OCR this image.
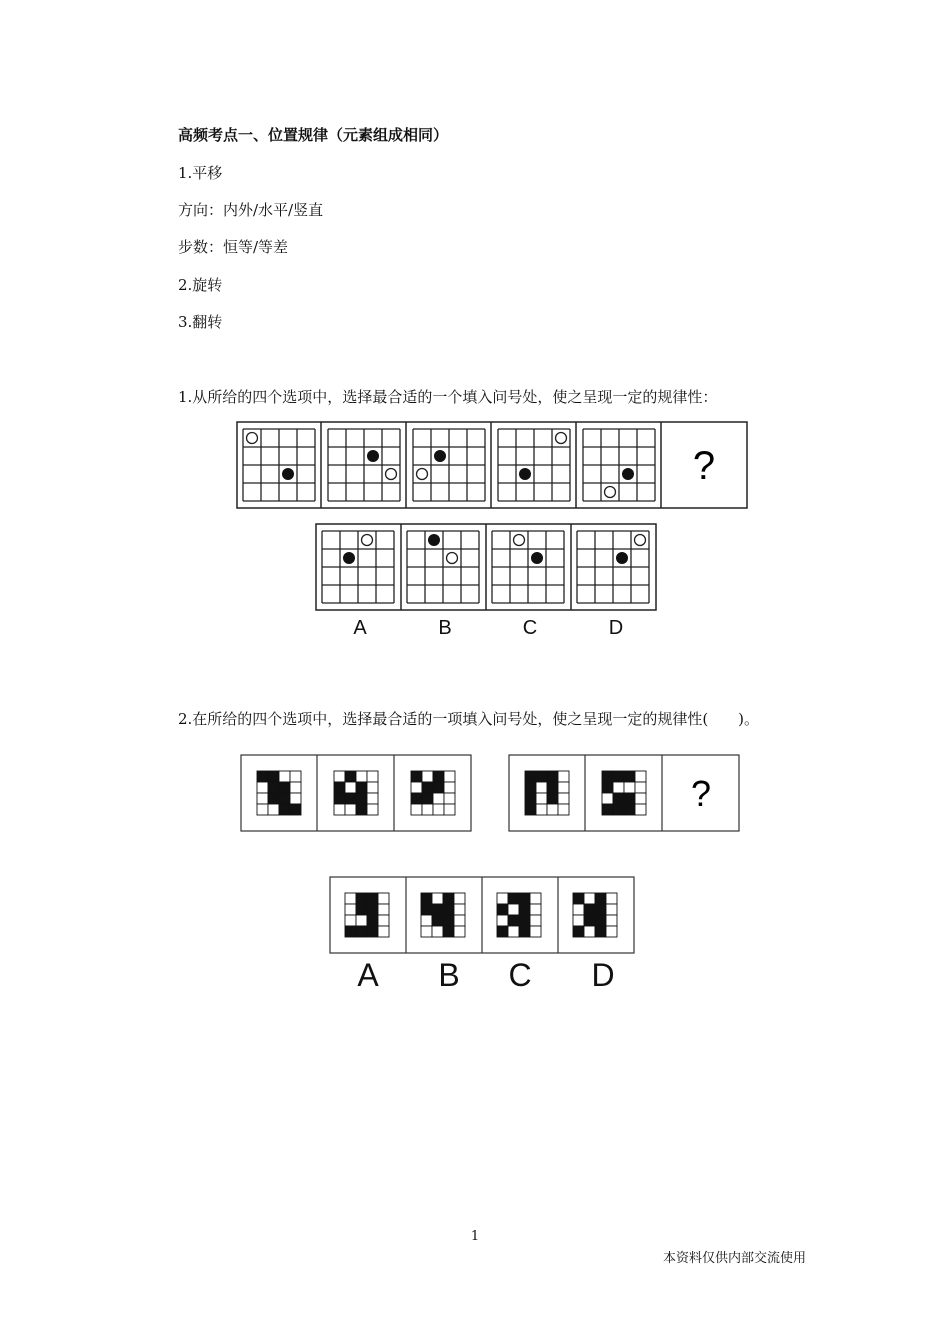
高频考点一、位置规律（元素组成相同）
1.平移
方向：内外/水平/竖直
步数：恒等/等差
2.旋转
3.翻转
1.从所给的四个选项中，选择最合适的一个填入问号处，使之呈现一定的规律性：
?
A	B	C	D
2.在所给的四个选项中，选择最合适的一项填入问号处，使之呈现一定的规律性(　　)。
?
A	B	C	D
1
本资料仅供内部交流使用
